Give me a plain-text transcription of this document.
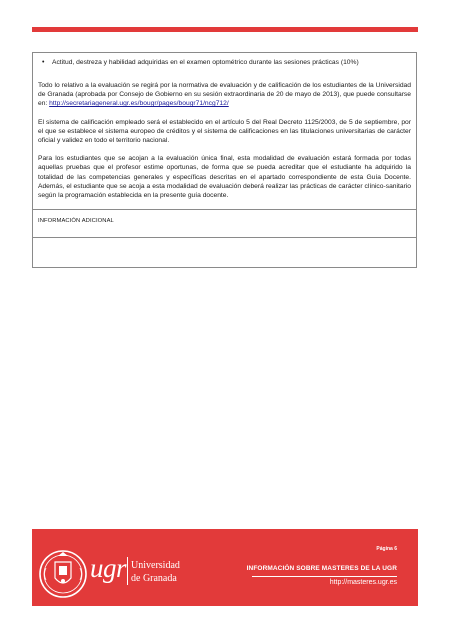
• Actitud, destreza y habilidad adquiridas en el examen optométrico durante las sesiones prácticas (10%)

Todo lo relativo a la evaluación se regirá por la normativa de evaluación y de calificación de los estudiantes de la Universidad de Granada (aprobada por Consejo de Gobierno en su sesión extraordinaria de 20 de mayo de 2013), que puede consultarse en: http://secretariageneral.ugr.es/bougr/pages/bougr71/ncg712/

El sistema de calificación empleado será el establecido en el artículo 5 del Real Decreto 1125/2003, de 5 de septiembre, por el que se establece el sistema europeo de créditos y el sistema de calificaciones en las titulaciones universitarias de carácter oficial y validez en todo el territorio nacional.

Para los estudiantes que se acojan a la evaluación única final, esta modalidad de evaluación estará formada por todas aquellas pruebas que el profesor estime oportunas, de forma que se pueda acreditar que el estudiante ha adquirido la totalidad de las competencias generales y específicas descritas en el apartado correspondiente de esta Guía Docente. Además, el estudiante que se acoja a esta modalidad de evaluación deberá realizar las prácticas de carácter clínico-sanitario según la programación establecida en la presente guía docente.

INFORMACIÓN ADICIONAL
ugr Universidad
de Granada
Página 6
INFORMACIÓN SOBRE MASTERES DE LA UGR
http://masteres.ugr.es
